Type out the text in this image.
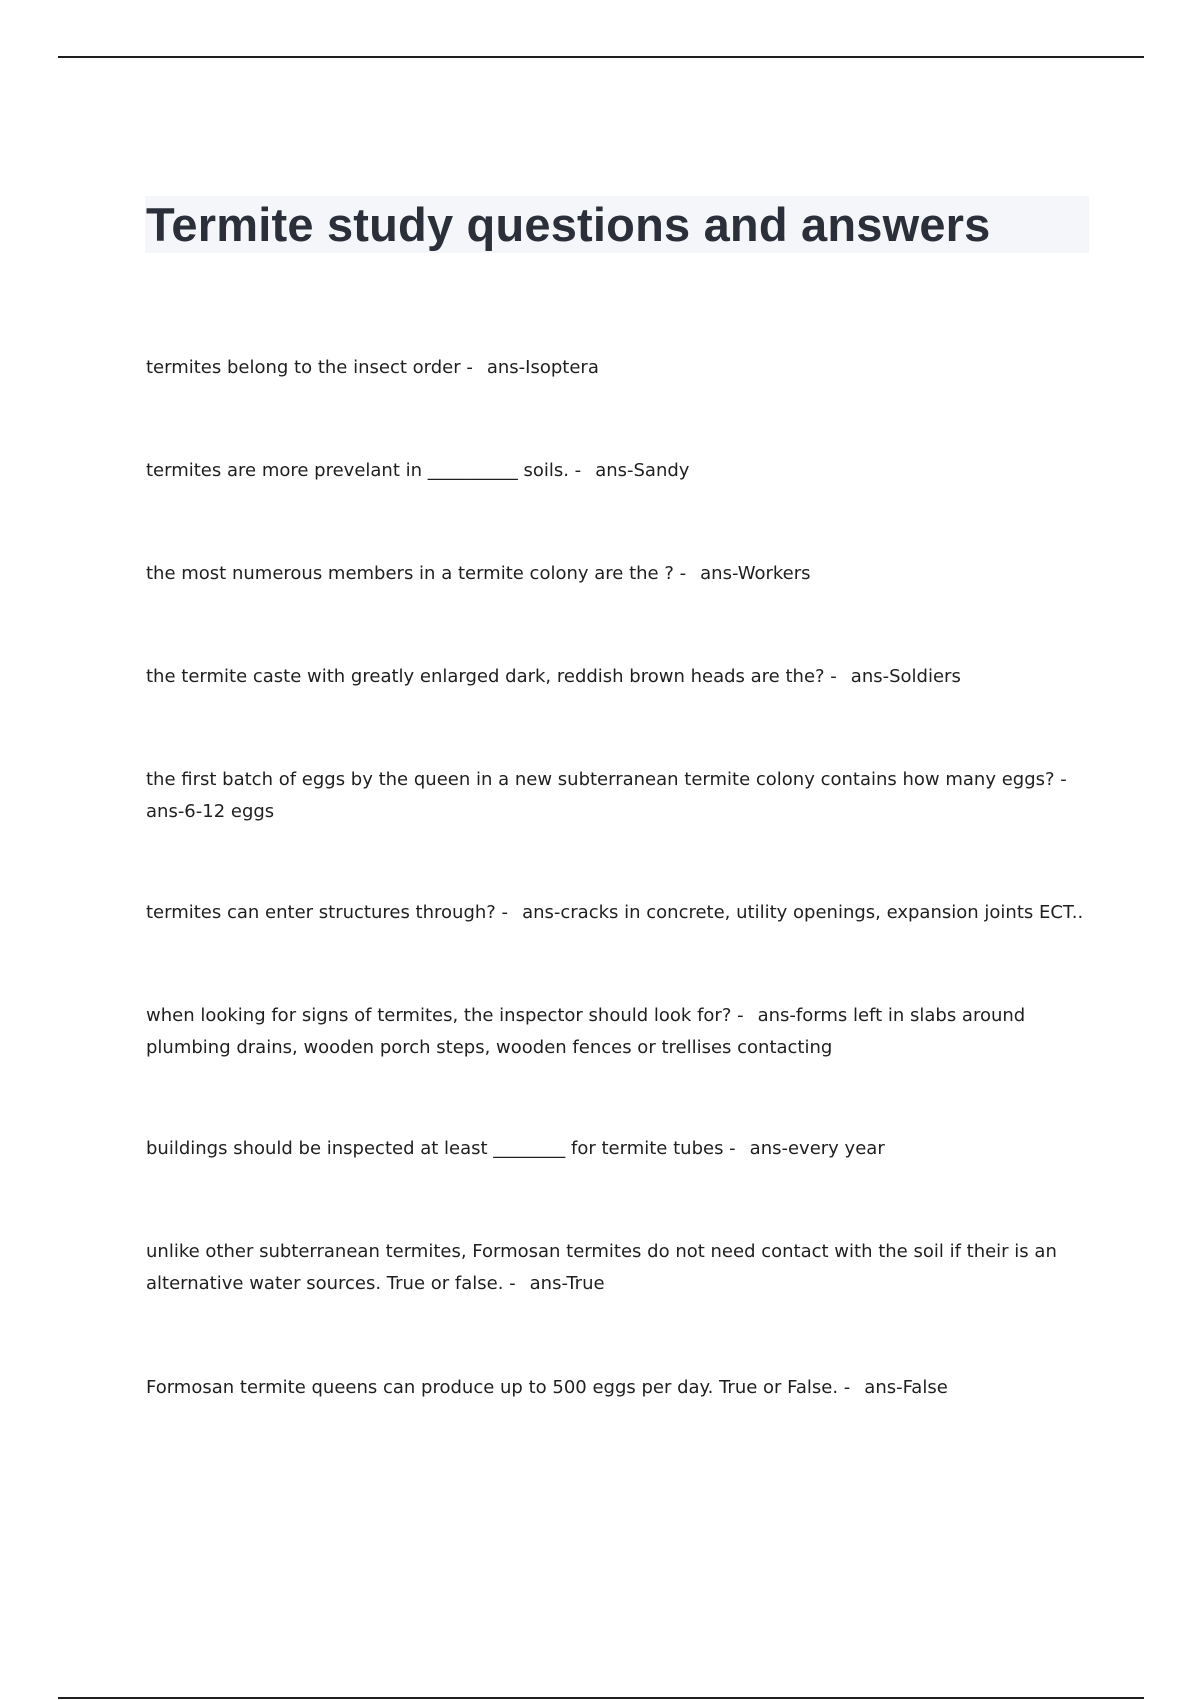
Termite study questions and answers

termites belong to the insect order - ans-Isoptera

termites are more prevelant in __________ soils. - ans-Sandy

the most numerous members in a termite colony are the ? - ans-Workers

the termite caste with greatly enlarged dark, reddish brown heads are the? - ans-Soldiers

the first batch of eggs by the queen in a new subterranean termite colony contains how many eggs? -
ans-6-12 eggs

termites can enter structures through? - ans-cracks in concrete, utility openings, expansion joints ECT..

when looking for signs of termites, the inspector should look for? - ans-forms left in slabs around plumbing drains, wooden porch steps, wooden fences or trellises contacting

buildings should be inspected at least ________ for termite tubes - ans-every year

unlike other subterranean termites, Formosan termites do not need contact with the soil if their is an alternative water sources. True or false. - ans-True

Formosan termite queens can produce up to 500 eggs per day. True or False. - ans-False
